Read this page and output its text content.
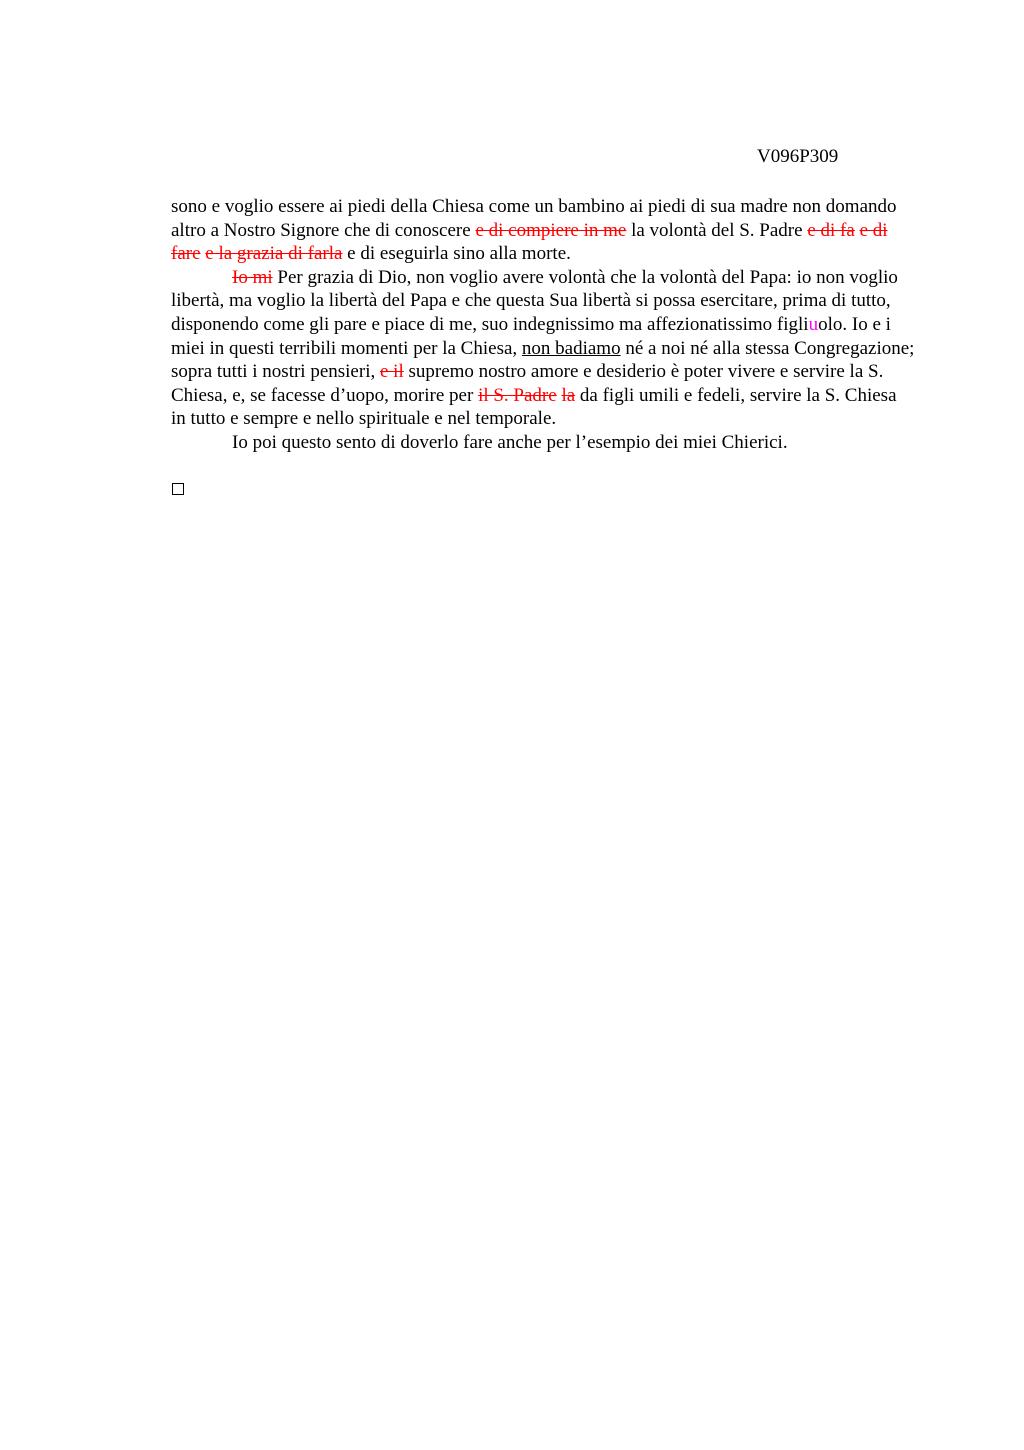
V096P309

sono e voglio essere ai piedi della Chiesa come un bambino ai piedi di sua madre non domando altro a Nostro Signore che di conoscere e di compiere in me la volontà del S. Padre e di fa e di fare e la grazia di farla e di eseguirla sino alla morte.

Io mi Per grazia di Dio, non voglio avere volontà che la volontà del Papa: io non voglio libertà, ma voglio la libertà del Papa e che questa Sua libertà si possa esercitare, prima di tutto, disponendo come gli pare e piace di me, suo indegnissimo ma affezionatissimo figliuolo. Io e i miei in questi terribili momenti per la Chiesa, non badiamo né a noi né alla stessa Congregazione; sopra tutti i nostri pensieri, e il supremo nostro amore e desiderio è poter vivere e servire la S. Chiesa, e, se facesse d’uopo, morire per il S. Padre la da figli umili e fedeli, servire la S. Chiesa in tutto e sempre e nello spirituale e nel temporale.

Io poi questo sento di doverlo fare anche per l’esempio dei miei Chierici.
